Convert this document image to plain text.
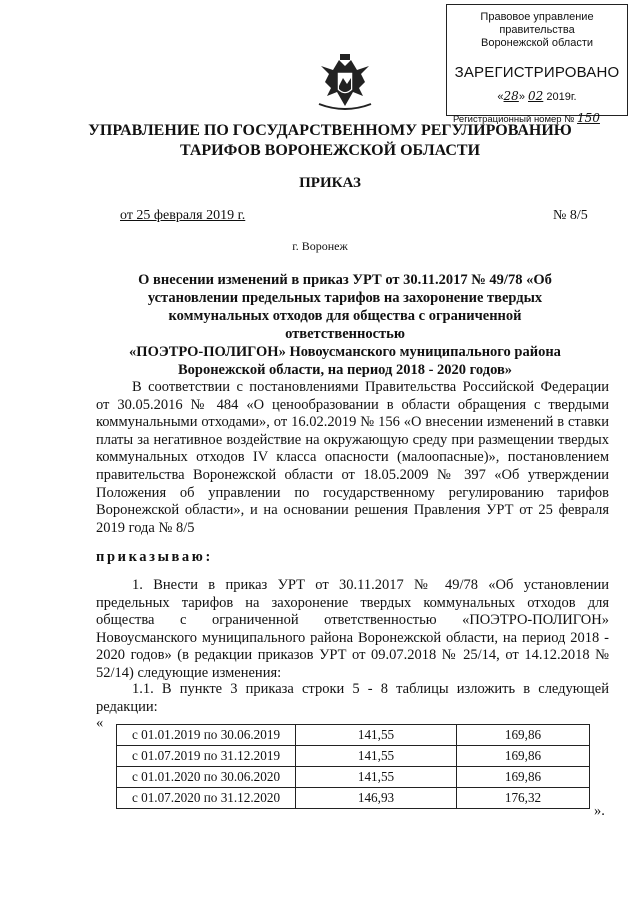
Правовое управление правительства
Воронежской области
ЗАРЕГИСТРИРОВАНО
«28» 02 2019г.
Регистрационный номер № 150
УПРАВЛЕНИЕ ПО ГОСУДАРСТВЕННОМУ РЕГУЛИРОВАНИЮ
ТАРИФОВ ВОРОНЕЖСКОЙ ОБЛАСТИ
ПРИКАЗ
от 25 февраля 2019 г.	№ 8/5
г. Воронеж
О внесении изменений в приказ УРТ от 30.11.2017 № 49/78 «Об
установлении предельных тарифов на захоронение твердых
коммунальных отходов для общества с ограниченной ответственностью
«ПОЭТРО-ПОЛИГОН» Новоусманского муниципального района
Воронежской области, на период 2018 - 2020 годов»
В соответствии с постановлениями Правительства Российской Федерации от 30.05.2016 № 484 «О ценообразовании в области обращения с твердыми коммунальными отходами», от 16.02.2019 № 156 «О внесении изменений в ставки платы за негативное воздействие на окружающую среду при размещении твердых коммунальных отходов IV класса опасности (малоопасные)», постановлением правительства Воронежской области от 18.05.2009 № 397 «Об утверждении Положения об управлении по государственному регулированию тарифов Воронежской области», и на основании решения Правления УРТ от 25 февраля 2019 года № 8/5
приказываю:
1. Внести в приказ УРТ от 30.11.2017 № 49/78 «Об установлении предельных тарифов на захоронение твердых коммунальных отходов для общества с ограниченной ответственностью «ПОЭТРО-ПОЛИГОН» Новоусманского муниципального района Воронежской области, на период 2018 - 2020 годов» (в редакции приказов УРТ от 09.07.2018 № 25/14, от 14.12.2018 № 52/14) следующие изменения:
1.1. В пункте 3 приказа строки 5 - 8 таблицы изложить в следующей редакции:
«
с 01.01.2019 по 30.06.2019	141,55	169,86
с 01.07.2019 по 31.12.2019	141,55	169,86
с 01.01.2020 по 30.06.2020	141,55	169,86
с 01.07.2020 по 31.12.2020	146,93	176,32
».
